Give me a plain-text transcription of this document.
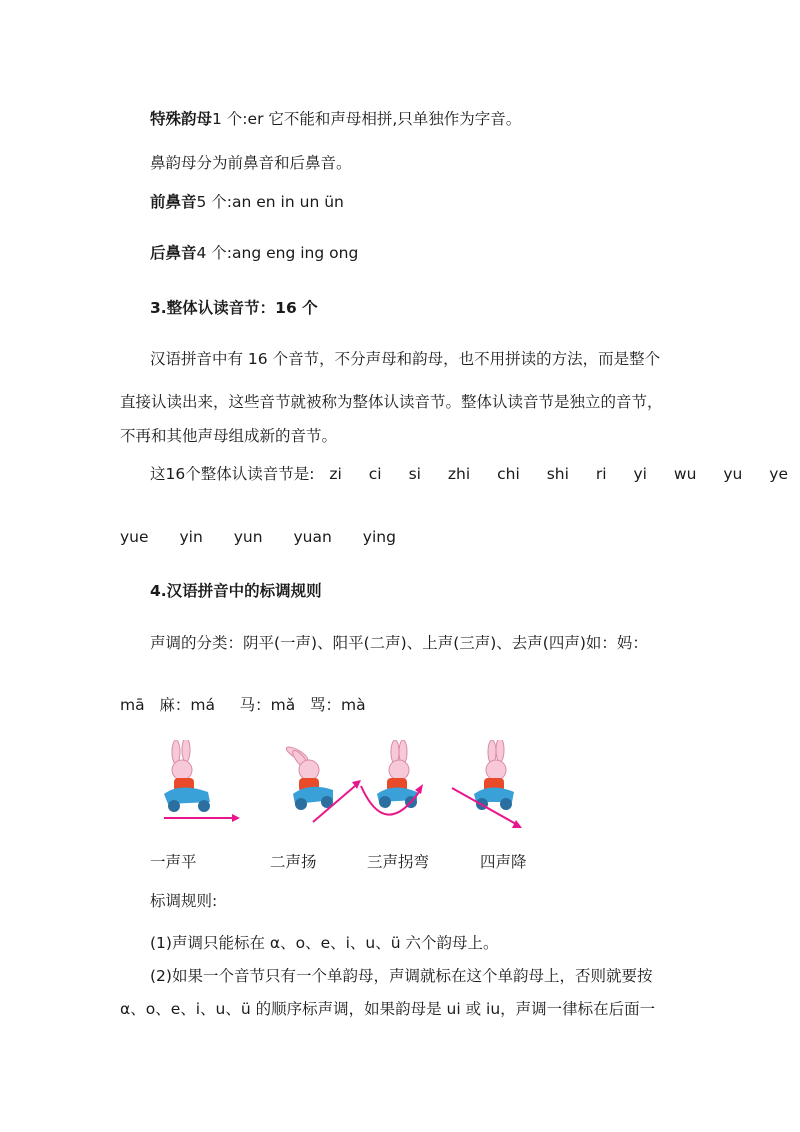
特殊韵母1 个:er 它不能和声母相拼,只单独作为字音。
鼻韵母分为前鼻音和后鼻音。
前鼻音5 个:an en in un ün
后鼻音4 个:ang eng ing ong
3.整体认读音节：16 个
汉语拼音中有 16 个音节，不分声母和韵母，也不用拼读的方法，而是整个
直接认读出来，这些音节就被称为整体认读音节。整体认读音节是独立的音节，
不再和其他声母组成新的音节。
这16个整体认读音节是: zi ci si zhi chi shi ri yi wu yu ye
yue yin yun yuan ying
4.汉语拼音中的标调规则
声调的分类：阴平(一声)、阳平(二声)、上声(三声)、去声(四声)如：妈：
mā   麻：má     马：mǎ   骂：mà
一声平	二声扬	三声拐弯	四声降
标调规则:
(1)声调只能标在 α、o、e、i、u、ü 六个韵母上。
(2)如果一个音节只有一个单韵母，声调就标在这个单韵母上，否则就要按
α、o、e、i、u、ü 的顺序标声调，如果韵母是 ui 或 iu，声调一律标在后面一
